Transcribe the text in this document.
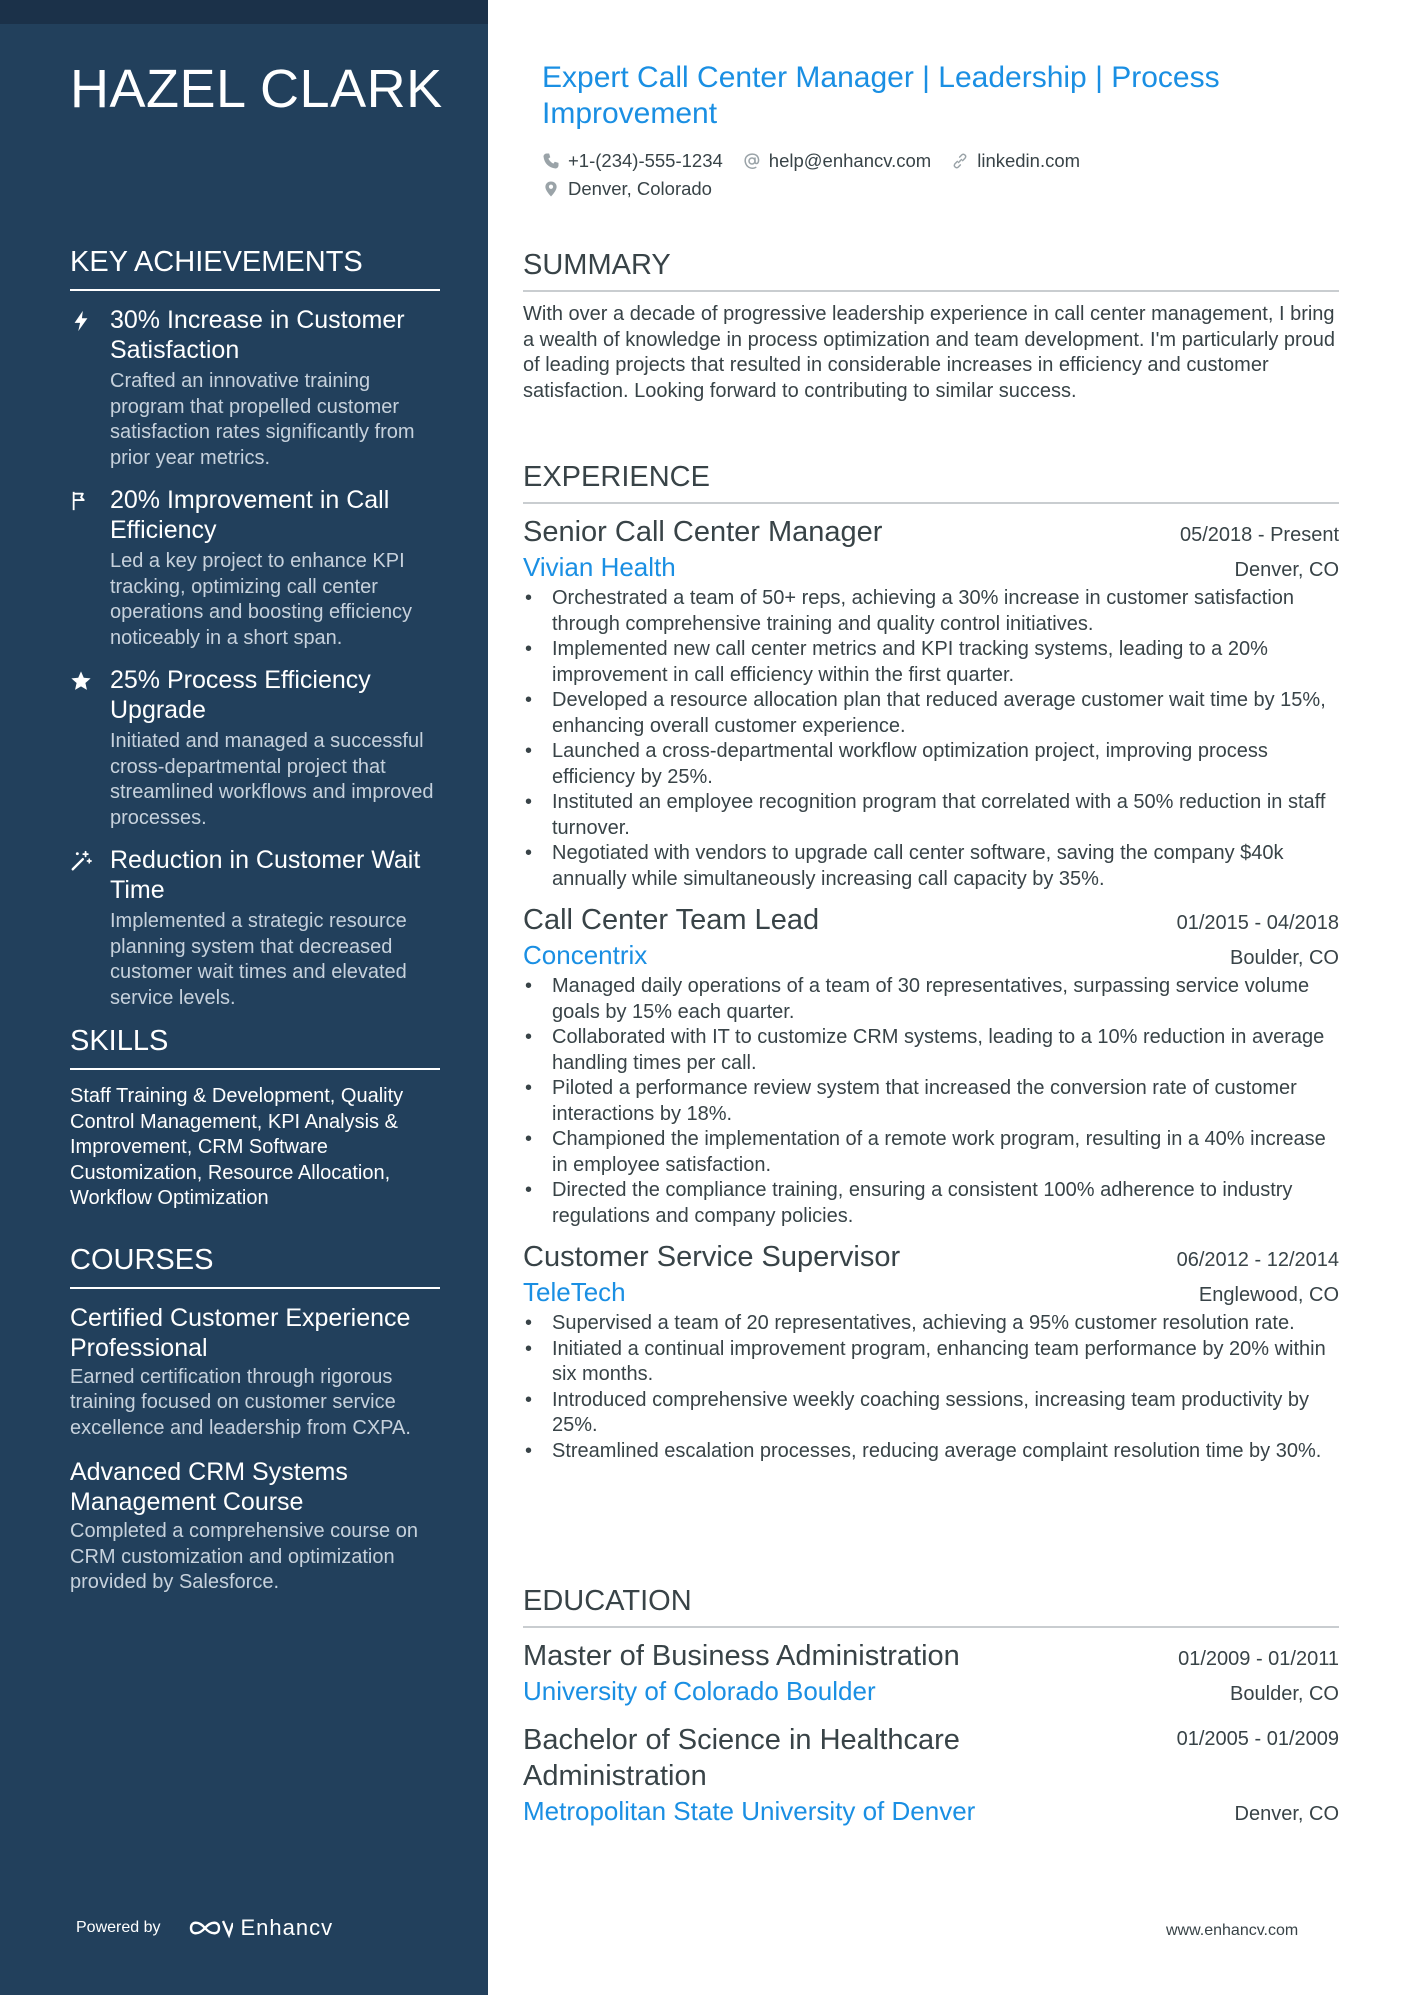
HAZEL CLARK
KEY ACHIEVEMENTS
30% Increase in Customer Satisfaction
Crafted an innovative training program that propelled customer satisfaction rates significantly from prior year metrics.
20% Improvement in Call Efficiency
Led a key project to enhance KPI tracking, optimizing call center operations and boosting efficiency noticeably in a short span.
25% Process Efficiency Upgrade
Initiated and managed a successful cross-departmental project that streamlined workflows and improved processes.
Reduction in Customer Wait Time
Implemented a strategic resource planning system that decreased customer wait times and elevated service levels.
SKILLS
Staff Training & Development, Quality Control Management, KPI Analysis & Improvement, CRM Software Customization, Resource Allocation, Workflow Optimization
COURSES
Certified Customer Experience Professional
Earned certification through rigorous training focused on customer service excellence and leadership from CXPA.
Advanced CRM Systems Management Course
Completed a comprehensive course on CRM customization and optimization provided by Salesforce.
Powered by	Enhancv
Expert Call Center Manager | Leadership | Process Improvement
+1-(234)-555-1234 help@enhancv.com linkedin.com
Denver, Colorado
SUMMARY
With over a decade of progressive leadership experience in call center management, I bring a wealth of knowledge in process optimization and team development. I'm particularly proud of leading projects that resulted in considerable increases in efficiency and customer satisfaction. Looking forward to contributing to similar success.
EXPERIENCE
Senior Call Center Manager	05/2018 - Present
Vivian Health	Denver, CO
• Orchestrated a team of 50+ reps, achieving a 30% increase in customer satisfaction through comprehensive training and quality control initiatives.
• Implemented new call center metrics and KPI tracking systems, leading to a 20% improvement in call efficiency within the first quarter.
• Developed a resource allocation plan that reduced average customer wait time by 15%, enhancing overall customer experience.
• Launched a cross-departmental workflow optimization project, improving process efficiency by 25%.
• Instituted an employee recognition program that correlated with a 50% reduction in staff turnover.
• Negotiated with vendors to upgrade call center software, saving the company $40k annually while simultaneously increasing call capacity by 35%.
Call Center Team Lead	01/2015 - 04/2018
Concentrix	Boulder, CO
• Managed daily operations of a team of 30 representatives, surpassing service volume goals by 15% each quarter.
• Collaborated with IT to customize CRM systems, leading to a 10% reduction in average handling times per call.
• Piloted a performance review system that increased the conversion rate of customer interactions by 18%.
• Championed the implementation of a remote work program, resulting in a 40% increase in employee satisfaction.
• Directed the compliance training, ensuring a consistent 100% adherence to industry regulations and company policies.
Customer Service Supervisor	06/2012 - 12/2014
TeleTech	Englewood, CO
• Supervised a team of 20 representatives, achieving a 95% customer resolution rate.
• Initiated a continual improvement program, enhancing team performance by 20% within six months.
• Introduced comprehensive weekly coaching sessions, increasing team productivity by 25%.
• Streamlined escalation processes, reducing average complaint resolution time by 30%.
EDUCATION
Master of Business Administration	01/2009 - 01/2011
University of Colorado Boulder	Boulder, CO
Bachelor of Science in Healthcare Administration
01/2005 - 01/2009
Metropolitan State University of Denver	Denver, CO
www.enhancv.com
